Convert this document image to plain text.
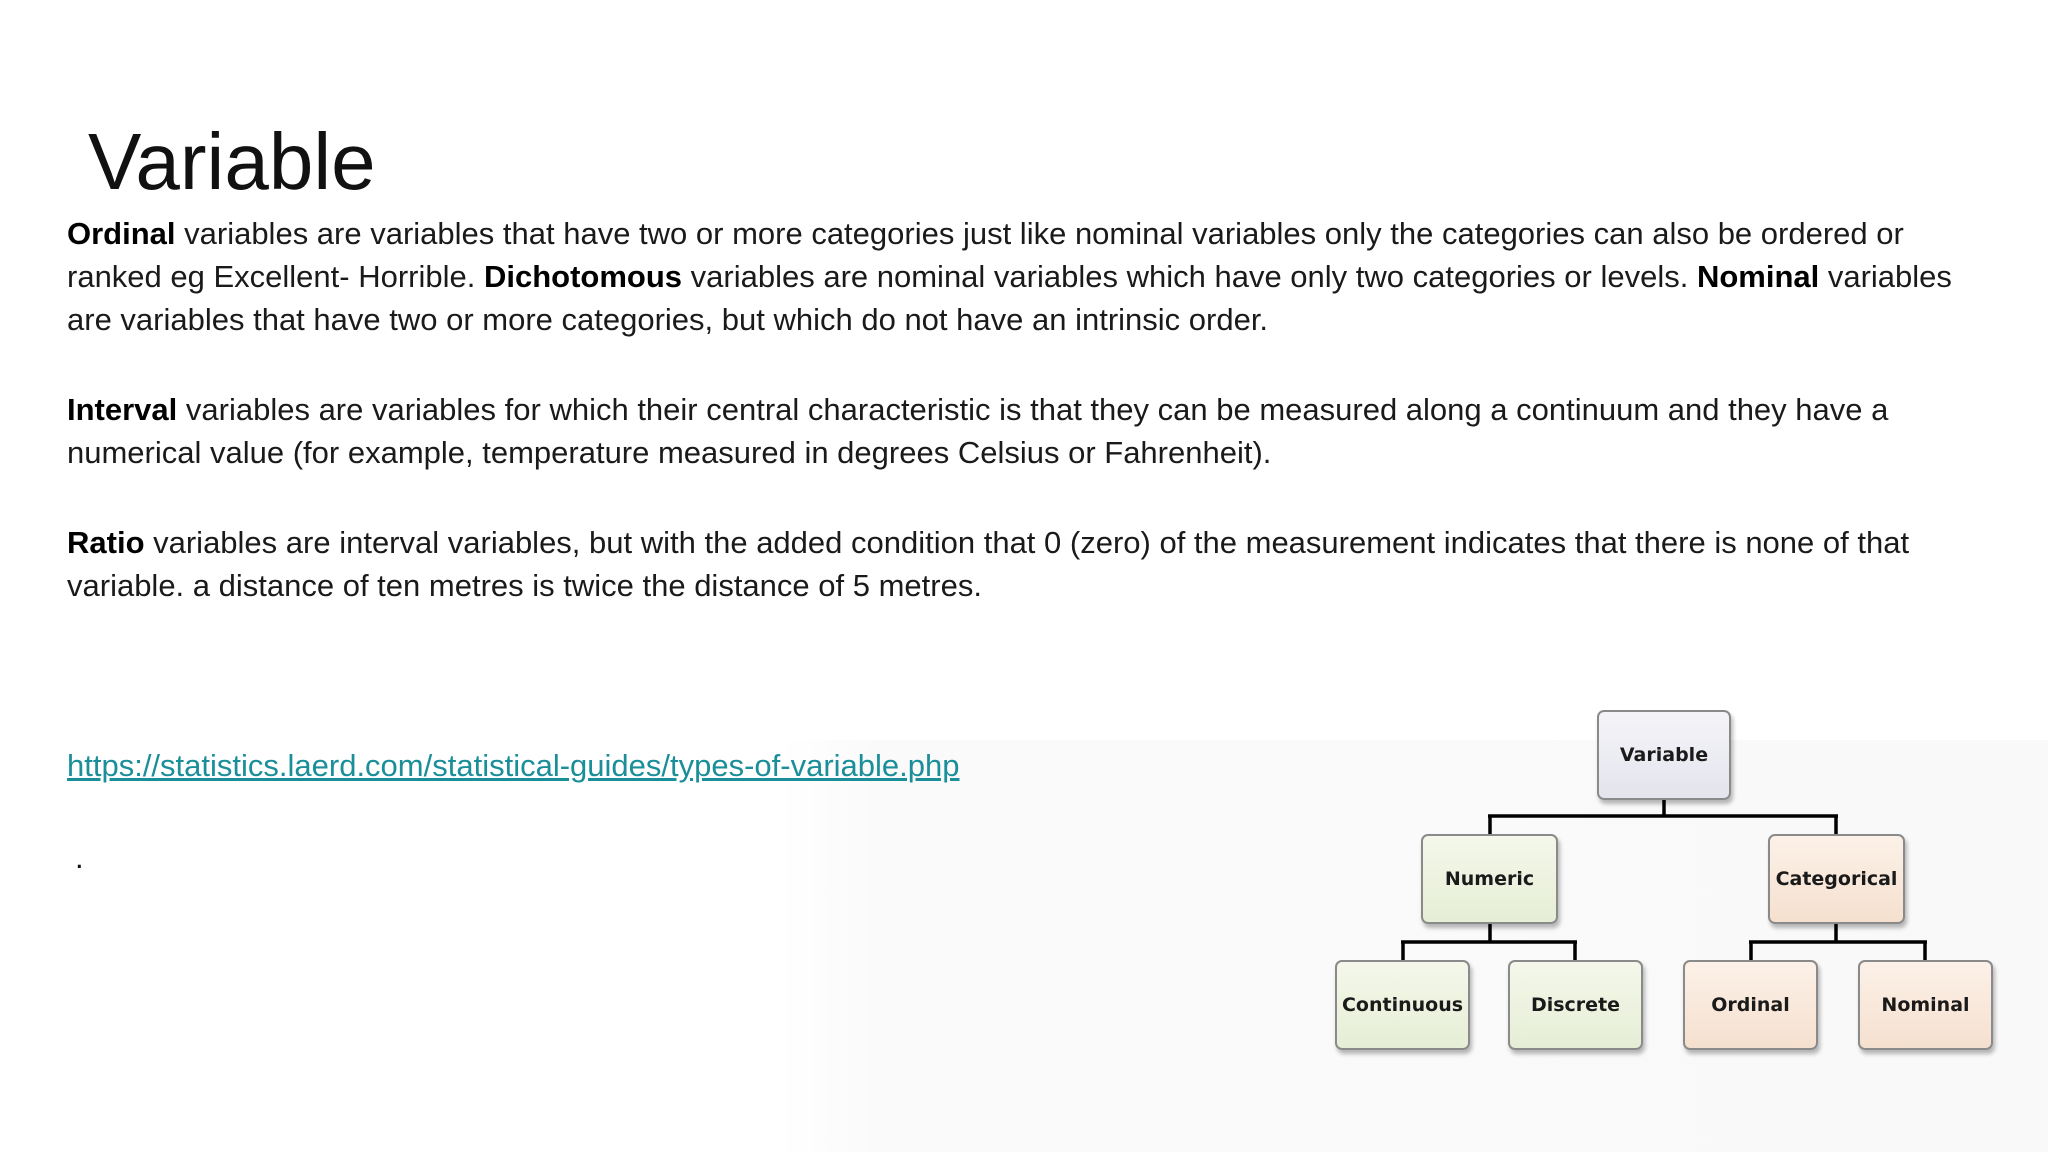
Variable

Ordinal variables are variables that have two or more categories just like nominal variables only the categories can also be ordered or ranked eg Excellent- Horrible. Dichotomous variables are nominal variables which have only two categories or levels. Nominal variables are variables that have two or more categories, but which do not have an intrinsic order.

Interval variables are variables for which their central characteristic is that they can be measured along a continuum and they have a numerical value (for example, temperature measured in degrees Celsius or Fahrenheit).

Ratio variables are interval variables, but with the added condition that 0 (zero) of the measurement indicates that there is none of that variable. a distance of ten metres is twice the distance of 5 metres.

https://statistics.laerd.com/statistical-guides/types-of-variable.php
.
Variable
Numeric	Categorical
Continuous	Discrete	Ordinal	Nominal
